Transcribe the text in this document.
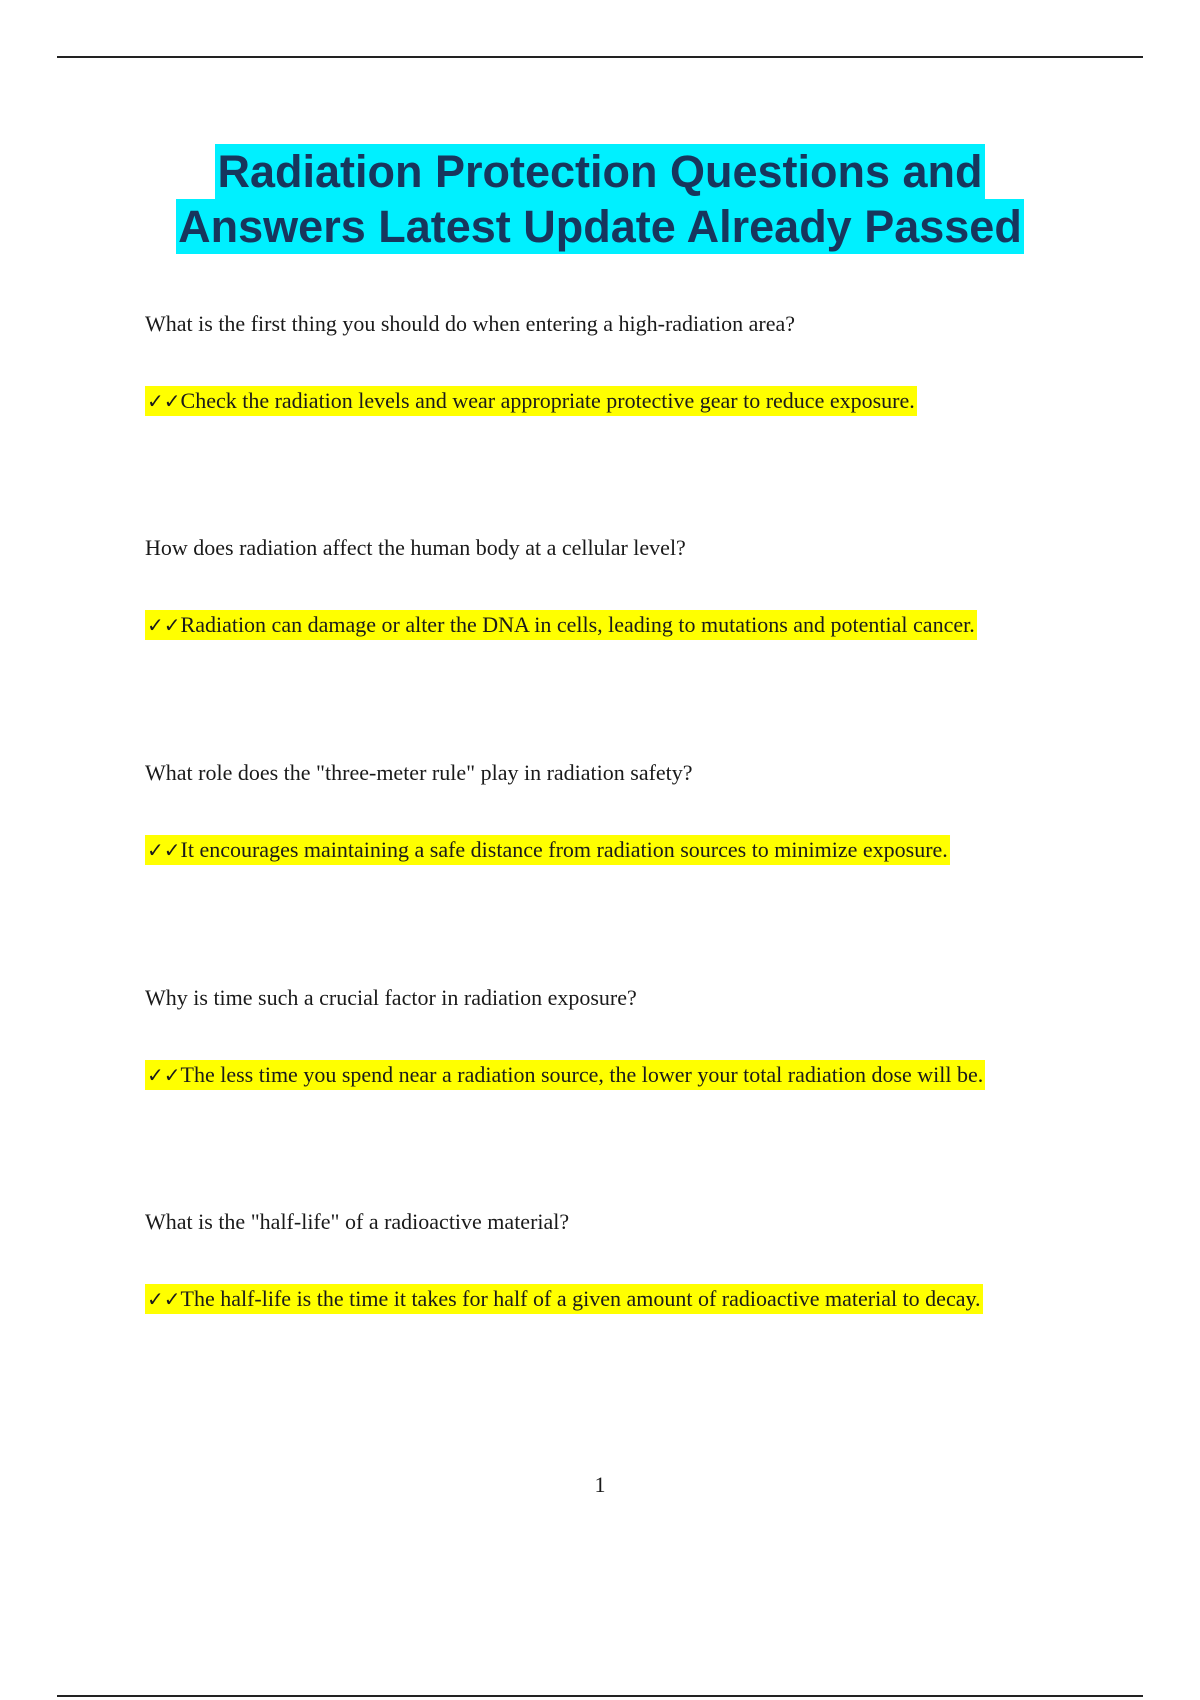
Radiation Protection Questions and
Answers Latest Update Already Passed
What is the first thing you should do when entering a high-radiation area?
✓✓Check the radiation levels and wear appropriate protective gear to reduce exposure.
How does radiation affect the human body at a cellular level?
✓✓Radiation can damage or alter the DNA in cells, leading to mutations and potential cancer.
What role does the "three-meter rule" play in radiation safety?
✓✓It encourages maintaining a safe distance from radiation sources to minimize exposure.
Why is time such a crucial factor in radiation exposure?
✓✓The less time you spend near a radiation source, the lower your total radiation dose will be.
What is the "half-life" of a radioactive material?
✓✓The half-life is the time it takes for half of a given amount of radioactive material to decay.
1
